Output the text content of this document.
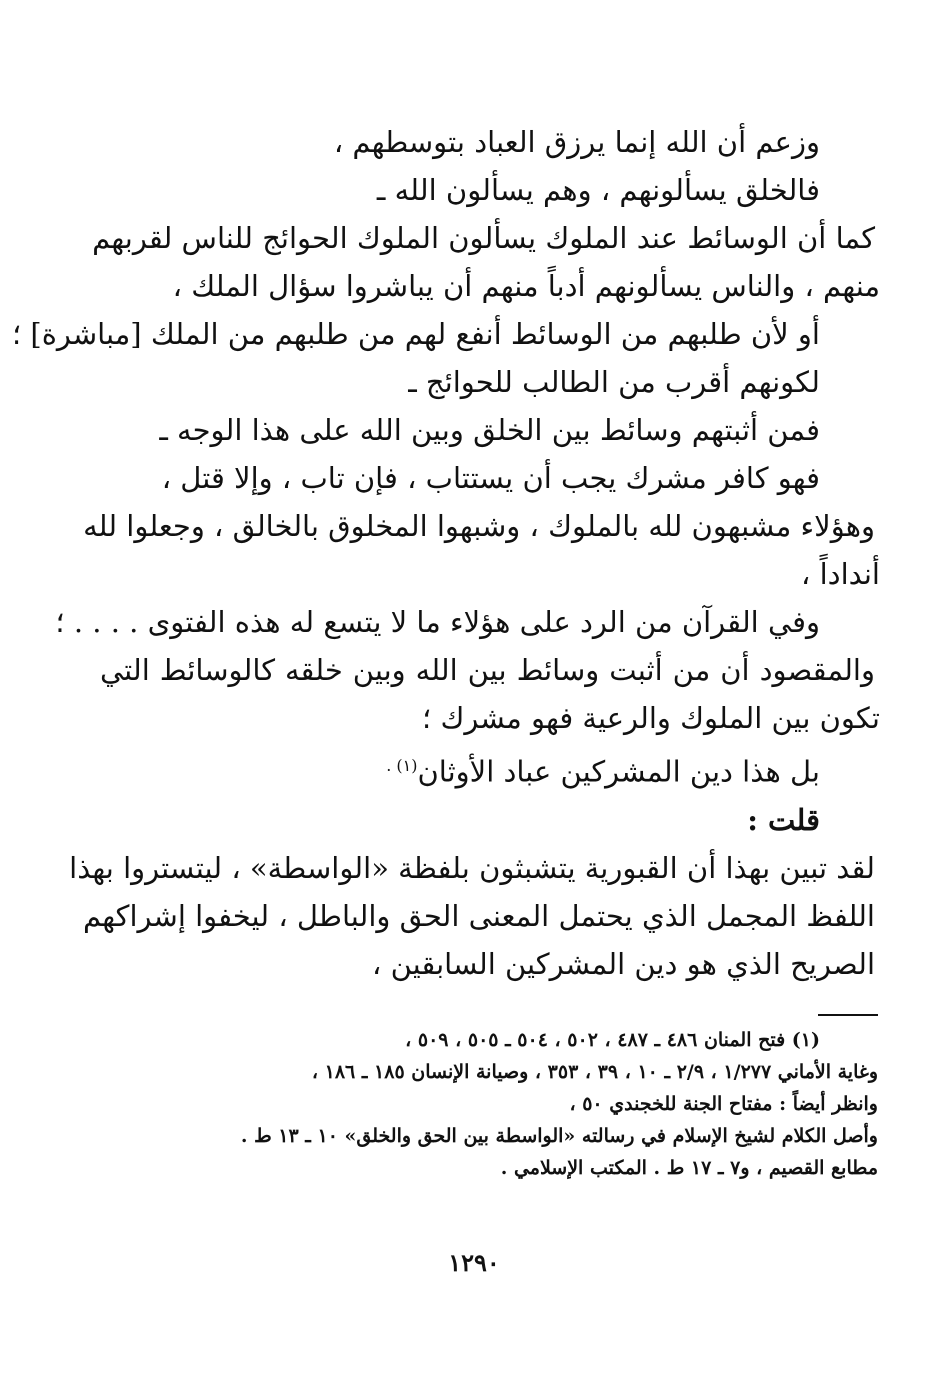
وزعم أن الله إنما يرزق العباد بتوسطهم ،

فالخلق يسألونهم ، وهم يسألون الله ـ

كما أن الوسائط عند الملوك يسألون الملوك الحوائج للناس لقربهم

منهم ، والناس يسألونهم أدباً منهم أن يباشروا سؤال الملك ،

أو لأن طلبهم من الوسائط أنفع لهم من طلبهم من الملك [مباشرة] ؛

لكونهم أقرب من الطالب للحوائج ـ

فمن أثبتهم وسائط بين الخلق وبين الله على هذا الوجه ـ

فهو كافر مشرك يجب أن يستتاب ، فإن تاب ، وإلا قتل ،

وهؤلاء مشبهون لله بالملوك ، وشبهوا المخلوق بالخالق ، وجعلوا لله

أنداداً ،

وفي القرآن من الرد على هؤلاء ما لا يتسع له هذه الفتوى . . . . ؛

والمقصود أن من أثبت وسائط بين الله وبين خلقه كالوسائط التي

تكون بين الملوك والرعية فهو مشرك ؛

بل هذا دين المشركين عباد الأوثان$^{(١) .}$

قلت :

لقد تبين بهذا أن القبورية يتشبثون بلفظة «الواسطة» ، ليتستروا بهذا

اللفظ المجمل الذي يحتمل المعنى الحق والباطل ، ليخفوا إشراكهم

الصريح الذي هو دين المشركين السابقين ،

(١) فتح المنان ٤٨٦ ـ ٤٨٧ ، ٥٠٢ ، ٥٠٤ ـ ٥٠٥ ، ٥٠٩ ،

وغاية الأماني ١/٢٧٧ ، ٢/٩ ـ ١٠ ، ٣٩ ، ٣٥٣ ، وصيانة الإنسان ١٨٥ ـ ١٨٦ ،

وانظر أيضاً : مفتاح الجنة للخجندي ٥٠ ،

وأصل الكلام لشيخ الإسلام في رسالته «الواسطة بين الحق والخلق» ١٠ ـ ١٣ ط .

مطابع القصيم ، و٧ ـ ١٧ ط . المكتب الإسلامي .

١٢٩٠
